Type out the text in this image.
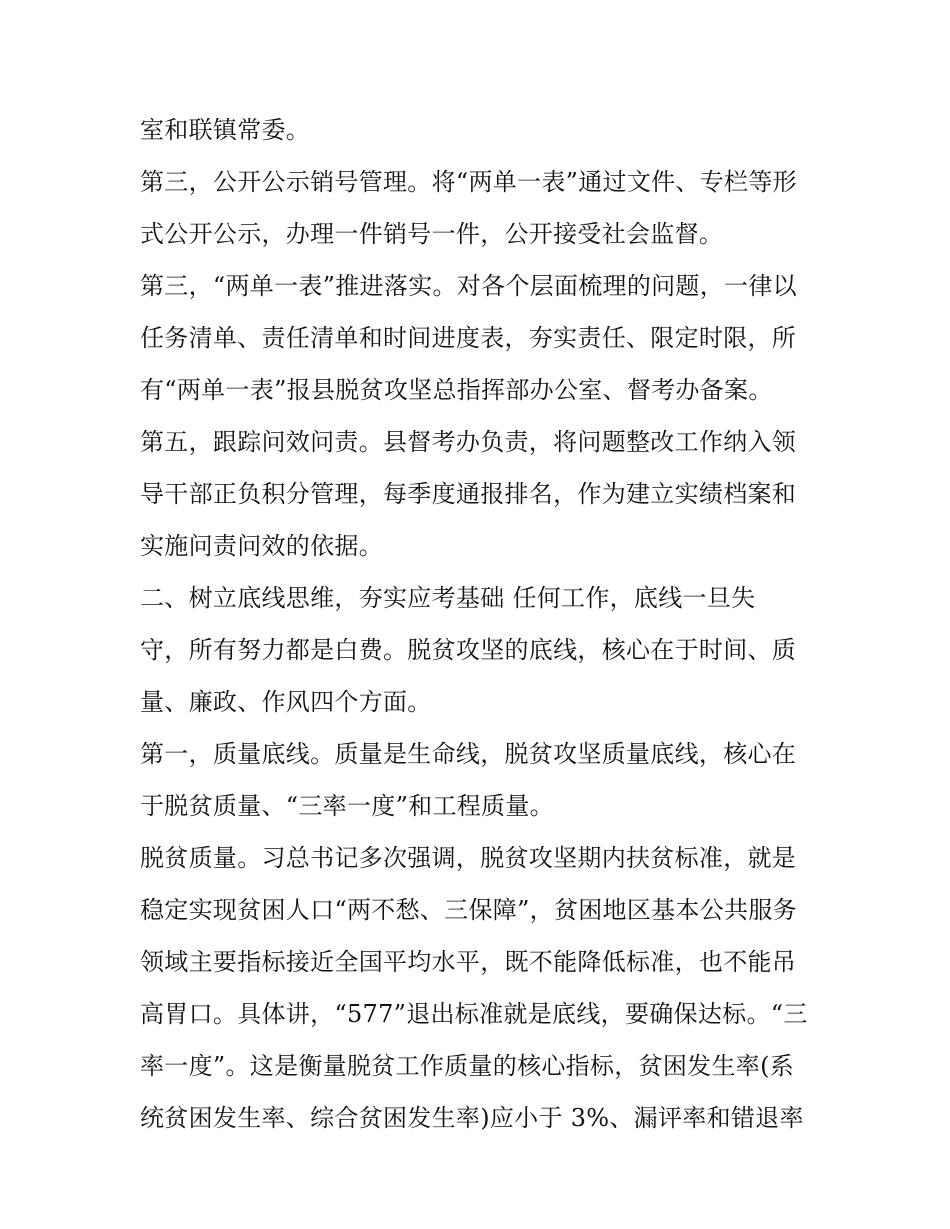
室和联镇常委。
第三，公开公示销号管理。将“两单一表”通过文件、专栏等形
式公开公示，办理一件销号一件，公开接受社会监督。
第三，“两单一表”推进落实。对各个层面梳理的问题，一律以
任务清单、责任清单和时间进度表，夯实责任、限定时限，所
有“两单一表”报县脱贫攻坚总指挥部办公室、督考办备案。
第五，跟踪问效问责。县督考办负责，将问题整改工作纳入领
导干部正负积分管理，每季度通报排名，作为建立实绩档案和
实施问责问效的依据。
二、树立底线思维，夯实应考基础 任何工作，底线一旦失
守，所有努力都是白费。脱贫攻坚的底线，核心在于时间、质
量、廉政、作风四个方面。
第一，质量底线。质量是生命线，脱贫攻坚质量底线，核心在
于脱贫质量、“三率一度”和工程质量。
脱贫质量。习总书记多次强调，脱贫攻坚期内扶贫标准，就是
稳定实现贫困人口“两不愁、三保障”，贫困地区基本公共服务
领域主要指标接近全国平均水平，既不能降低标准，也不能吊
高胃口。具体讲，“577”退出标准就是底线，要确保达标。“三
率一度”。这是衡量脱贫工作质量的核心指标，贫困发生率(系
统贫困发生率、综合贫困发生率)应小于 3%、漏评率和错退率
